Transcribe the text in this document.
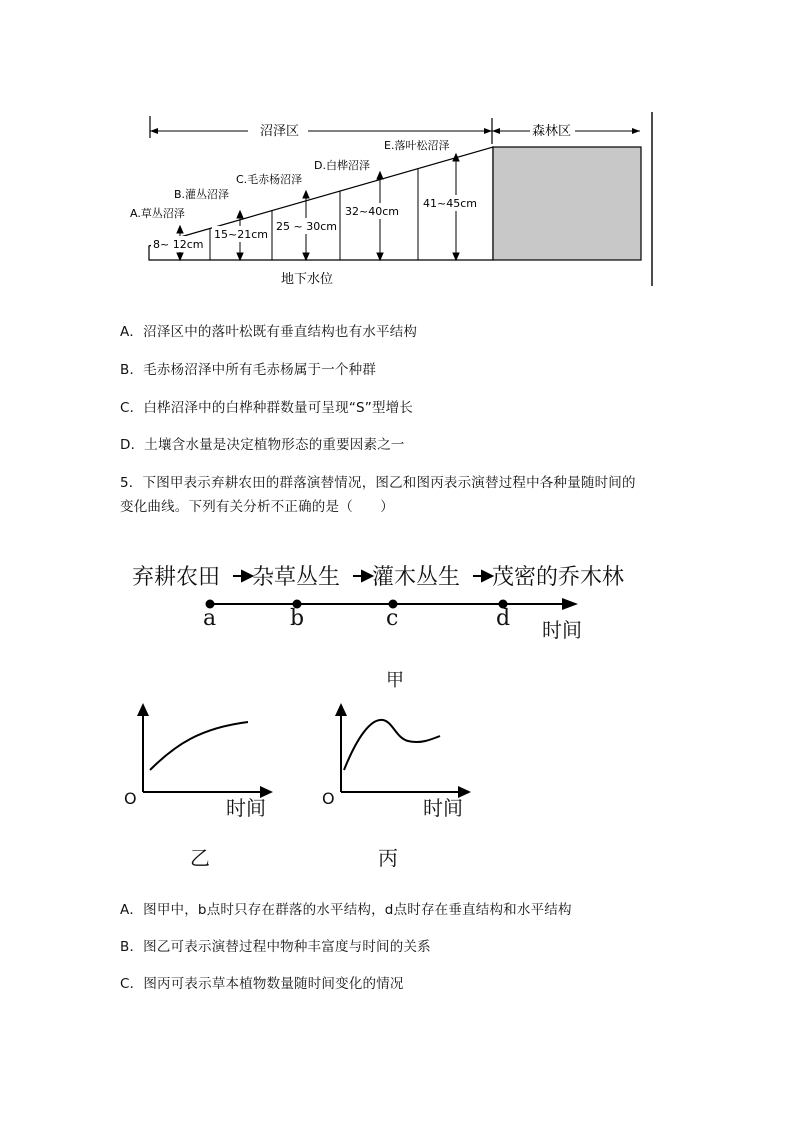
沼泽区	森林区
8~ 12cm
15~21cm
25 ~ 30cm
32~40cm
41~45cm
A.草丛沼泽
B.灌丛沼泽
C.毛赤杨沼泽
D.白桦沼泽
E.落叶松沼泽
地下水位
A．沼泽区中的落叶松既有垂直结构也有水平结构
B．毛赤杨沼泽中所有毛赤杨属于一个种群
C．白桦沼泽中的白桦种群数量可呈现“S”型增长
D．土壤含水量是决定植物形态的重要因素之一
5．下图甲表示弃耕农田的群落演替情况，图乙和图丙表示演替过程中各种量随时间的
变化曲线。下列有关分析不正确的是（　　）
弃耕农田 杂草丛生 灌木丛生 茂密的乔木林
a	b	c	d 时间
甲
O	时间
乙
O	时间
丙
A．图甲中，b点时只存在群落的水平结构，d点时存在垂直结构和水平结构
B．图乙可表示演替过程中物种丰富度与时间的关系
C．图丙可表示草本植物数量随时间变化的情况
